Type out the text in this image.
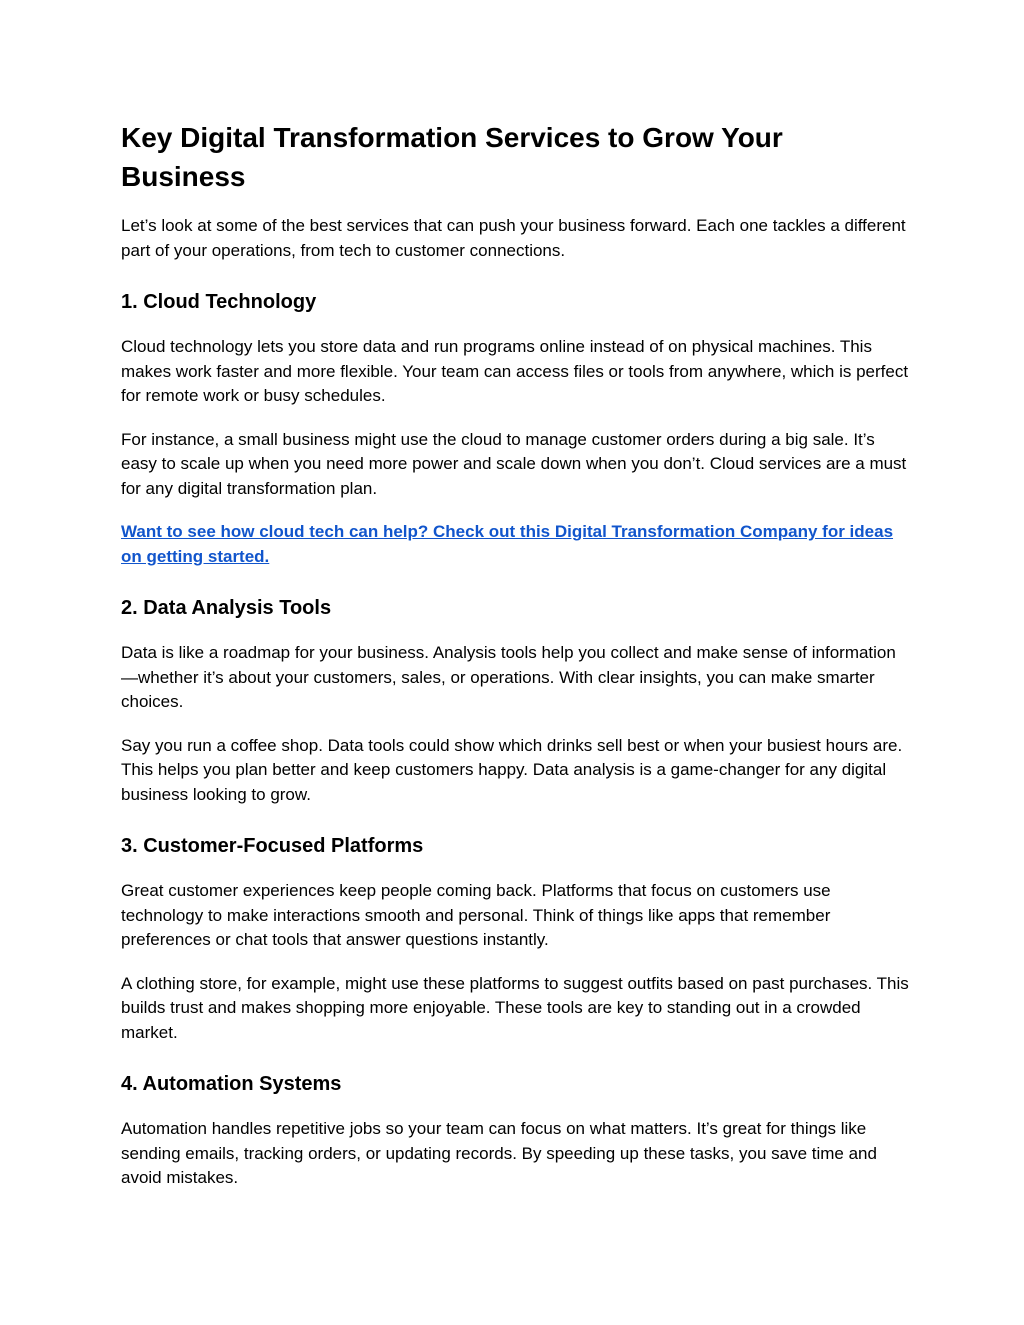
Key Digital Transformation Services to Grow Your Business

Let’s look at some of the best services that can push your business forward. Each one tackles a different part of your operations, from tech to customer connections.

1. Cloud Technology

Cloud technology lets you store data and run programs online instead of on physical machines. This makes work faster and more flexible. Your team can access files or tools from anywhere, which is perfect for remote work or busy schedules.

For instance, a small business might use the cloud to manage customer orders during a big sale. It’s easy to scale up when you need more power and scale down when you don’t. Cloud services are a must for any digital transformation plan.

Want to see how cloud tech can help? Check out this Digital Transformation Company for ideas on getting started.

2. Data Analysis Tools

Data is like a roadmap for your business. Analysis tools help you collect and make sense of information—whether it’s about your customers, sales, or operations. With clear insights, you can make smarter choices.

Say you run a coffee shop. Data tools could show which drinks sell best or when your busiest hours are. This helps you plan better and keep customers happy. Data analysis is a game-changer for any digital business looking to grow.

3. Customer-Focused Platforms

Great customer experiences keep people coming back. Platforms that focus on customers use technology to make interactions smooth and personal. Think of things like apps that remember preferences or chat tools that answer questions instantly.

A clothing store, for example, might use these platforms to suggest outfits based on past purchases. This builds trust and makes shopping more enjoyable. These tools are key to standing out in a crowded market.

4. Automation Systems

Automation handles repetitive jobs so your team can focus on what matters. It’s great for things like sending emails, tracking orders, or updating records. By speeding up these tasks, you save time and avoid mistakes.
